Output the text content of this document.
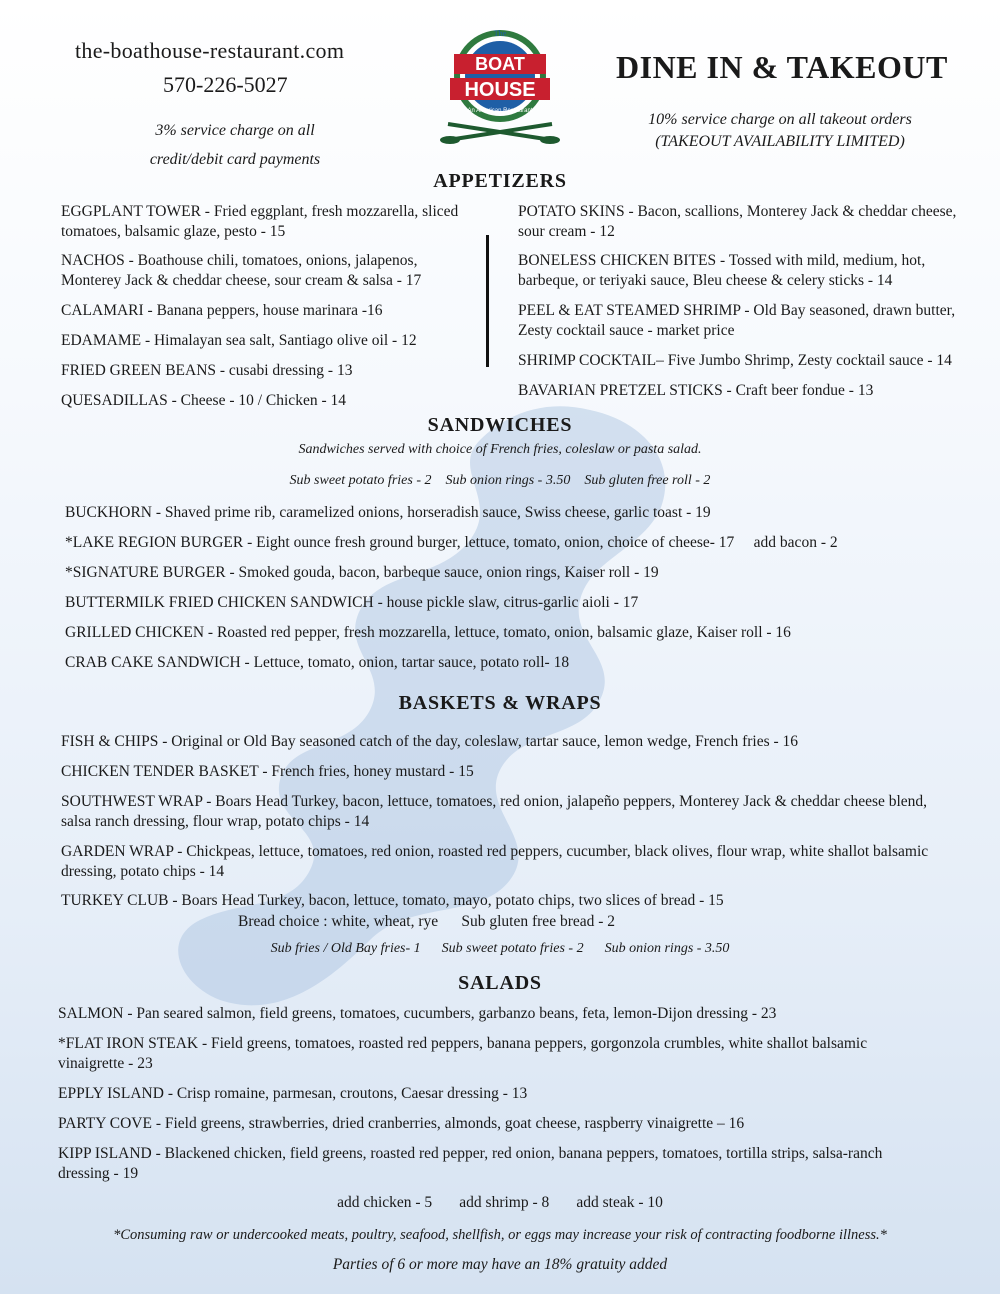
the-boathouse-restaurant.com
570-226-5027
3% service charge on all
credit/debit card payments
The
BOAT
HOUSE
An American Restaurant
DINE IN & TAKEOUT
10% service charge on all takeout orders
(TAKEOUT AVAILABILITY LIMITED)
APPETIZERS
EGGPLANT TOWER - Fried eggplant, fresh mozzarella, sliced tomatoes, balsamic glaze, pesto - 15
NACHOS - Boathouse chili, tomatoes, onions, jalapenos, Monterey Jack & cheddar cheese, sour cream & salsa - 17
CALAMARI - Banana peppers, house marinara -16
EDAMAME - Himalayan sea salt, Santiago olive oil - 12
FRIED GREEN BEANS - cusabi dressing - 13
QUESADILLAS - Cheese - 10 / Chicken - 14
POTATO SKINS - Bacon, scallions, Monterey Jack & cheddar cheese, sour cream - 12
BONELESS CHICKEN BITES - Tossed with mild, medium, hot, barbeque, or teriyaki sauce, Bleu cheese & celery sticks - 14
PEEL & EAT STEAMED SHRIMP - Old Bay seasoned, drawn butter, Zesty cocktail sauce - market price
SHRIMP COCKTAIL– Five Jumbo Shrimp, Zesty cocktail sauce - 14
BAVARIAN PRETZEL STICKS - Craft beer fondue - 13
SANDWICHES
Sandwiches served with choice of French fries, coleslaw or pasta salad.
Sub sweet potato fries - 2    Sub onion rings - 3.50    Sub gluten free roll - 2
BUCKHORN - Shaved prime rib, caramelized onions, horseradish sauce, Swiss cheese, garlic toast - 19
*LAKE REGION BURGER - Eight ounce fresh ground burger, lettuce, tomato, onion, choice of cheese- 17     add bacon - 2
*SIGNATURE BURGER - Smoked gouda, bacon, barbeque sauce, onion rings, Kaiser roll - 19
BUTTERMILK FRIED CHICKEN SANDWICH - house pickle slaw, citrus-garlic aioli - 17
GRILLED CHICKEN - Roasted red pepper, fresh mozzarella, lettuce, tomato, onion, balsamic glaze, Kaiser roll - 16
CRAB CAKE SANDWICH - Lettuce, tomato, onion, tartar sauce, potato roll- 18
BASKETS & WRAPS
FISH & CHIPS - Original or Old Bay seasoned catch of the day, coleslaw, tartar sauce, lemon wedge, French fries - 16
CHICKEN TENDER BASKET - French fries, honey mustard - 15
SOUTHWEST WRAP - Boars Head Turkey, bacon, lettuce, tomatoes, red onion, jalapeño peppers, Monterey Jack & cheddar cheese blend, salsa ranch dressing, flour wrap, potato chips - 14
GARDEN WRAP - Chickpeas, lettuce, tomatoes, red onion, roasted red peppers, cucumber, black olives, flour wrap, white shallot balsamic dressing, potato chips - 14
TURKEY CLUB - Boars Head Turkey, bacon, lettuce, tomato, mayo, potato chips, two slices of bread - 15
Bread choice : white, wheat, rye      Sub gluten free bread - 2
Sub fries / Old Bay fries- 1      Sub sweet potato fries - 2      Sub onion rings - 3.50
SALADS
SALMON - Pan seared salmon, field greens, tomatoes, cucumbers, garbanzo beans, feta, lemon-Dijon dressing - 23
*FLAT IRON STEAK - Field greens, tomatoes, roasted red peppers, banana peppers, gorgonzola crumbles, white shallot balsamic vinaigrette - 23
EPPLY ISLAND - Crisp romaine, parmesan, croutons, Caesar dressing - 13
PARTY COVE - Field greens, strawberries, dried cranberries, almonds, goat cheese, raspberry vinaigrette – 16
KIPP ISLAND - Blackened chicken, field greens, roasted red pepper, red onion, banana peppers, tomatoes, tortilla strips, salsa-ranch dressing - 19
add chicken - 5       add shrimp - 8       add steak - 10
*Consuming raw or undercooked meats, poultry, seafood, shellfish, or eggs may increase your risk of contracting foodborne illness.*
Parties of 6 or more may have an 18% gratuity added
